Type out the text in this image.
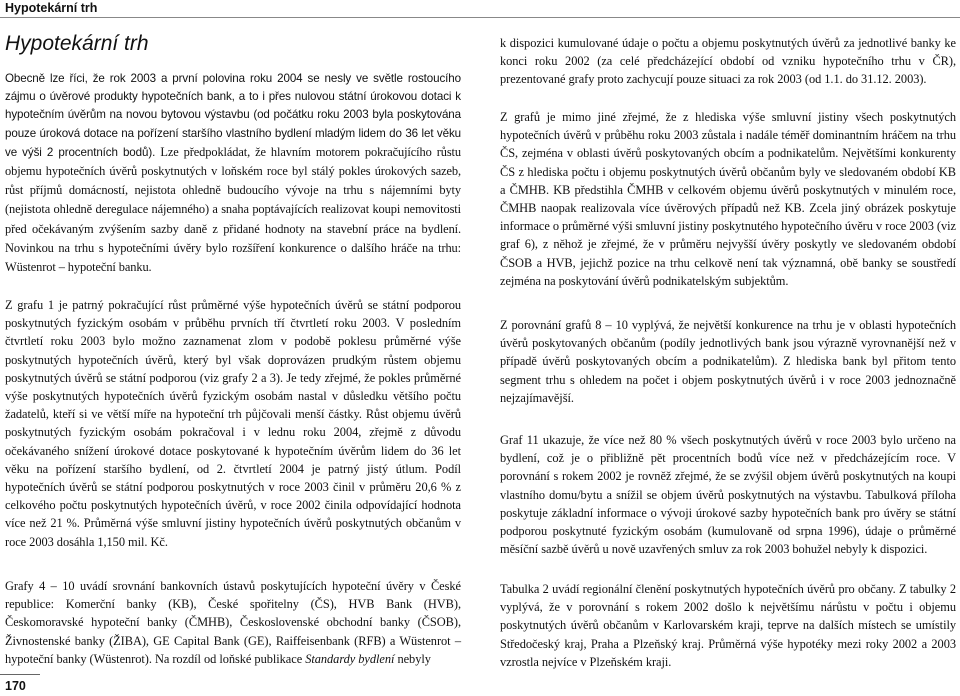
Hypotekární trh
Hypotekární trh

Obecně lze říci, že rok 2003 a první polovina roku 2004 se nesly ve světle rostoucího zájmu o úvěrové produkty hypotečních bank, a to i přes nulovou státní úrokovou dotaci k hypotečním úvěrům na novou bytovou výstavbu (od počátku roku 2003 byla poskytována pouze úroková dotace na pořízení staršího vlastního bydlení mladým lidem do 36 let věku ve výši 2 procentních bodů). Lze předpokládat, že hlavním motorem pokračujícího růstu objemu hypotečních úvěrů poskytnutých v loňském roce byl stálý pokles úrokových sazeb, růst příjmů domácností, nejistota ohledně budoucího vývoje na trhu s nájemními byty (nejistota ohledně deregulace nájemného) a snaha poptávajících realizovat koupi nemovitosti před očekávaným zvýšením sazby daně z přidané hodnoty na stavební práce na bydlení. Novinkou na trhu s hypotečními úvěry bylo rozšíření konkurence o dalšího hráče na trhu: Wüstenrot – hypoteční banku.

Z grafu 1 je patrný pokračující růst průměrné výše hypotečních úvěrů se státní podporou poskytnutých fyzickým osobám v průběhu prvních tří čtvrtletí roku 2003. V posledním čtvrtletí roku 2003 bylo možno zaznamenat zlom v podobě poklesu průměrné výše poskytnutých hypotečních úvěrů, který byl však doprovázen prudkým růstem objemu poskytnutých úvěrů se státní podporou (viz grafy 2 a 3). Je tedy zřejmé, že pokles průměrné výše poskytnutých hypotečních úvěrů fyzickým osobám nastal v důsledku většího počtu žadatelů, kteří si ve větší míře na hypoteční trh půjčovali menší částky. Růst objemu úvěrů poskytnutých fyzickým osobám pokračoval i v lednu roku 2004, zřejmě z důvodu očekávaného snížení úrokové dotace poskytované k hypotečním úvěrům lidem do 36 let věku na pořízení staršího bydlení, od 2. čtvrtletí 2004 je patrný jistý útlum. Podíl hypotečních úvěrů se státní podporou poskytnutých v roce 2003 činil v průměru 20,6 % z celkového počtu poskytnutých hypotečních úvěrů, v roce 2002 činila odpovídající hodnota více než 21 %. Průměrná výše smluvní jistiny hypotečních úvěrů poskytnutých občanům v roce 2003 dosáhla 1,150 mil. Kč.

Grafy 4 – 10 uvádí srovnání bankovních ústavů poskytujících hypoteční úvěry v České republice: Komerční banky (KB), České spořitelny (ČS), HVB Bank (HVB), Českomoravské hypoteční banky (ČMHB), Československé obchodní banky (ČSOB), Živnostenské banky (ŽIBA), GE Capital Bank (GE), Raiffeisenbank (RFB) a Wüstenrot – hypoteční banky (Wüstenrot). Na rozdíl od loňské publikace Standardy bydlení nebyly

k dispozici kumulované údaje o počtu a objemu poskytnutých úvěrů za jednotlivé banky ke konci roku 2002 (za celé předcházející období od vzniku hypotečního trhu v ČR), prezentované grafy proto zachycují pouze situaci za rok 2003 (od 1.1. do 31.12. 2003).

Z grafů je mimo jiné zřejmé, že z hlediska výše smluvní jistiny všech poskytnutých hypotečních úvěrů v průběhu roku 2003 zůstala i nadále téměř dominantním hráčem na trhu ČS, zejména v oblasti úvěrů poskytovaných obcím a podnikatelům. Největšími konkurenty ČS z hlediska počtu i objemu poskytnutých úvěrů občanům byly ve sledovaném období KB a ČMHB. KB předstihla ČMHB v celkovém objemu úvěrů poskytnutých v minulém roce, ČMHB naopak realizovala více úvěrových případů než KB. Zcela jiný obrázek poskytuje informace o průměrné výši smluvní jistiny poskytnutého hypotečního úvěru v roce 2003 (viz graf 6), z něhož je zřejmé, že v průměru nejvyšší úvěry poskytly ve sledovaném období ČSOB a HVB, jejichž pozice na trhu celkově není tak významná, obě banky se soustředí zejména na poskytování úvěrů podnikatelským subjektům.

Z porovnání grafů 8 – 10 vyplývá, že největší konkurence na trhu je v oblasti hypotečních úvěrů poskytovaných občanům (podíly jednotlivých bank jsou výrazně vyrovnanější než v případě úvěrů poskytovaných obcím a podnikatelům). Z hlediska bank byl přitom tento segment trhu s ohledem na počet i objem poskytnutých úvěrů i v roce 2003 jednoznačně nejzajímavější.

Graf 11 ukazuje, že více než 80 % všech poskytnutých úvěrů v roce 2003 bylo určeno na bydlení, což je o přibližně pět procentních bodů více než v předcházejícím roce. V porovnání s rokem 2002 je rovněž zřejmé, že se zvýšil objem úvěrů poskytnutých na koupi vlastního domu/bytu a snížil se objem úvěrů poskytnutých na výstavbu. Tabulková příloha poskytuje základní informace o vývoji úrokové sazby hypotečních bank pro úvěry se státní podporou poskytnuté fyzickým osobám (kumulovaně od srpna 1996), údaje o průměrné měsíční sazbě úvěrů u nově uzavřených smluv za rok 2003 bohužel nebyly k dispozici.

Tabulka 2 uvádí regionální členění poskytnutých hypotečních úvěrů pro občany. Z tabulky 2 vyplývá, že v porovnání s rokem 2002 došlo k největšímu nárůstu v počtu i objemu poskytnutých úvěrů občanům v Karlovarském kraji, teprve na dalších místech se umístily Středočeský kraj, Praha a Plzeňský kraj. Průměrná výše hypotéky mezi roky 2002 a 2003 vzrostla nejvíce v Plzeňském kraji.

170
